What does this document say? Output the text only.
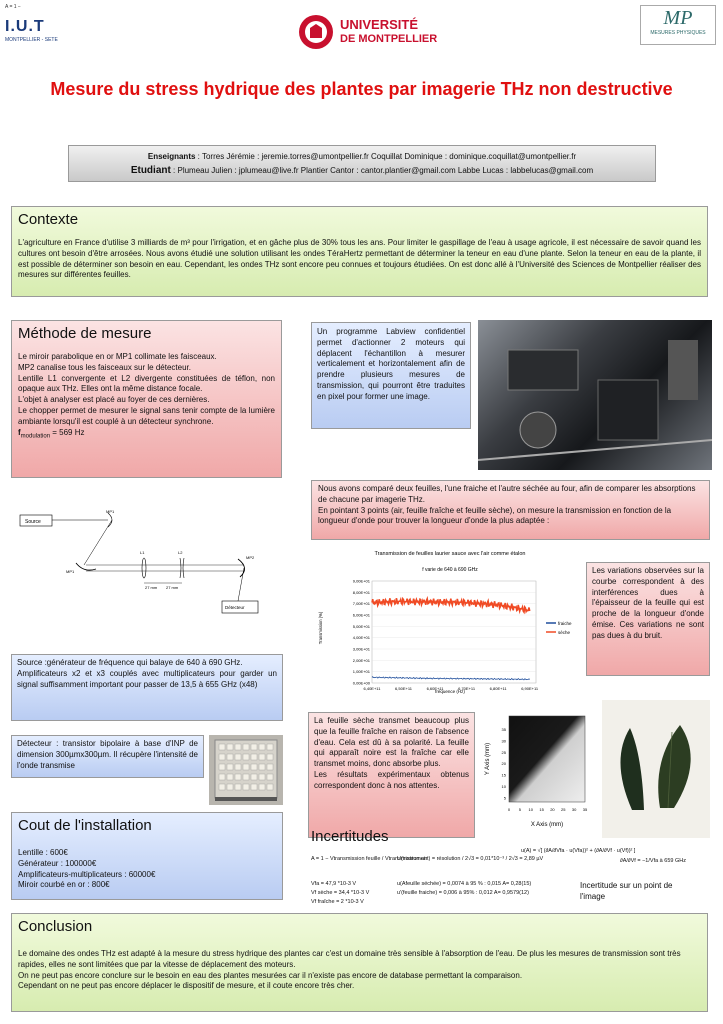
A = 1 −
I.U.T
MONTPELLIER - SETE
UNIVERSITÉ
DE MONTPELLIER
MP
MESURES PHYSIQUES
Mesure du stress hydrique des plantes par imagerie THz non destructive
Enseignants : Torres Jérémie : jeremie.torres@umontpellier.fr Coquillat Dominique : dominique.coquillat@umontpellier.fr
Etudiant : Plumeau Julien : jplumeau@live.fr Plantier Cantor : cantor.plantier@gmail.com Labbe Lucas : labbelucas@gmail.com
Contexte
L'agriculture en France d'utilise 3 milliards de m³ pour l'irrigation, et en gâche plus de 30% tous les ans. Pour limiter le gaspillage de l'eau à usage agricole, il est nécessaire de savoir quand les cultures ont besoin d'être arrosées. Nous avons étudié une solution utilisant les ondes TéraHertz permettant de déterminer la teneur en eau d'une plante. Selon la teneur en eau de la plante, il est possible de déterminer son besoin en eau. Cependant, les ondes THz sont encore peu connues et toujours étudiées. On est donc allé à l'Université des Sciences de Montpellier réaliser des mesures sur différentes feuilles.
Méthode de mesure
Le miroir parabolique en or MP1 collimate les faisceaux.
MP2 canalise tous les faisceaux sur le détecteur.
Lentille L1 convergente et L2 divergente constituées de téflon, non opaque aux THz. Elles ont la même distance focale.
L'objet à analyser est placé au foyer de ces dernières.
Le chopper permet de mesurer le signal sans tenir compte de la lumière ambiante lorsqu'il est couplé à un détecteur synchrone.
$f_{modulation} = 569$ Hz
Un programme Labview confidentiel permet d'actionner 2 moteurs qui déplacent l'échantillon à mesurer verticalement et horizontalement afin de prendre plusieurs mesures de transmission, qui pourront être traduites en pixel pour former une image.
Nous avons comparé deux feuilles, l'une fraiche et l'autre séchée au four, afin de comparer les absorptions de chacune par imagerie THz.
En pointant 3 points (air, feuille fraîche et feuille sèche), on mesure la transmission en fonction de la longueur d'onde pour trouver la longueur d'onde la plus adaptée :
Source
MP1
MP1
L1	L2
27 mm 27 mm
MP2
Détecteur
Source :générateur de fréquence qui balaye de 640 à 690 GHz.
Amplificateurs x2 et x3 couplés avec multiplicateurs pour garder un signal suffisamment important pour passer de 13,5 à 655 GHz (x48)
Détecteur : transistor bipolaire à base d'INP de dimension 300µmx300µm. Il récupère l'intensité de l'onde transmise
Cout de l'installation
Lentille : 600€
Générateur : 100000€
Amplificateurs-multiplicateurs : 60000€
Miroir courbé en or : 800€
Transmission de feuilles laurier sauce avec l'air comme étalon
f varie de 640 à 690 GHz
Transmission (%)
fréquence (Hz)
0,00E+00
1,00E+01
2,00E+01
3,00E+01
4,00E+01
5,00E+01
6,00E+01
7,00E+01
8,00E+01
9,00E+01
6,40E+11	6,50E+11	6,60E+11	6,70E+11	6,80E+11	6,90E+11
fraiche
sèche
Les variations observées sur la courbe correspondent à des interférences dues à l'épaisseur de la feuille qui est proche de la longueur d'onde émise. Ces variations ne sont pas dues à du bruit.
La feuille sèche transmet beaucoup plus que la feuille fraîche en raison de l'absence d'eau. Cela est dû à sa polarité. La feuille qui apparaît noire est la fraîche car elle transmet moins, donc absorbe plus.
Les résultats expérimentaux obtenus correspondent donc à nos attentes.
Y Axis (mm)
X Axis (mm)
0 5 10 15 20 25 30 35
5
10
15
20
25
30
35
Incertitudes
A = 1 − Vtransmission feuille / Vtransmission air
U(instrument) = résolution / 2√3 = 0,01*10⁻³ / 2√3 = 2,89 µV
u(A) = √[ (∂A/∂Vfa · u(Vfa))² + (∂A/∂Vf · u(Vf))² ]
∂A/∂Vf = −1/Vfa à 659 GHz
Vfa = 47,9 *10-3 V
Vf sèche = 34,4 *10-3 V
Vf fraîche = 2 *10-3 V
u(Afeuille séchée) = 0,0074 à 95 % : 0,015 A= 0,28(15)
u'(feuille fraiche) = 0,006 à 95% : 0,012 A= 0,9579(12)
Incertitude sur un point de l'image
Conclusion
Le domaine des ondes THz est adapté à la mesure du stress hydrique des plantes car c'est un domaine très sensible à l'absorption de l'eau. De plus les mesures de transmission sont très rapides, elles ne sont limitées que par la vitesse de déplacement des moteurs.
On ne peut pas encore conclure sur le besoin en eau des plantes mesurées car il n'existe pas encore de database permettant la comparaison.
Cependant on ne peut pas encore déplacer le dispositif de mesure, et il coute encore très cher.
